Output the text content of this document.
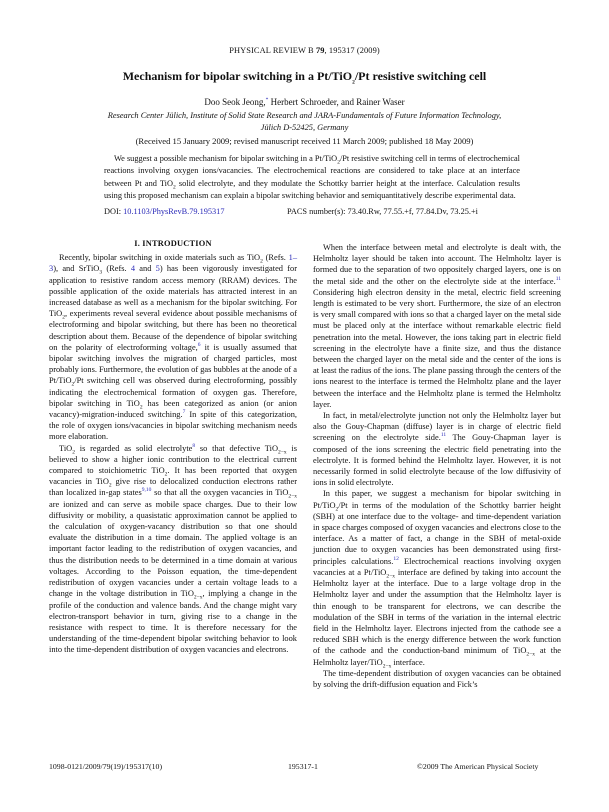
PHYSICAL REVIEW B 79, 195317 (2009)
Mechanism for bipolar switching in a Pt/TiO$_2$/Pt resistive switching cell
Doo Seok Jeong,* Herbert Schroeder, and Rainer Waser
Research Center Jülich, Institute of Solid State Research and JARA-Fundamentals of Future Information Technology,
Jülich D-52425, Germany
(Received 15 January 2009; revised manuscript received 11 March 2009; published 18 May 2009)
We suggest a possible mechanism for bipolar switching in a Pt/TiO$_2$/Pt resistive switching cell in terms of electrochemical reactions involving oxygen ions/vacancies. The electrochemical reactions are considered to take place at an interface between Pt and TiO$_2$ solid electrolyte, and they modulate the Schottky barrier height at the interface. Calculation results using this proposed mechanism can explain a bipolar switching behavior and semiquantitatively describe experimental data.
DOI: 10.1103/PhysRevB.79.195317	PACS number(s): 73.40.Rw, 77.55.+f, 77.84.Dv, 73.25.+i
I. INTRODUCTION

Recently, bipolar switching in oxide materials such as TiO$_2$ (Refs. 1–3), and SrTiO$_3$ (Refs. 4 and 5) has been vigorously investigated for application to resistive random access memory (RRAM) devices. The possible application of the oxide materials has attracted interest in an increased database as well as a mechanism for the bipolar switching. For TiO$_2$, experiments reveal several evidence about possible mechanisms of electroforming and bipolar switching, but there has been no theoretical description about them. Because of the dependence of bipolar switching on the polarity of electroforming voltage,$^6$ it is usually assumed that bipolar switching involves the migration of charged particles, most probably ions. Furthermore, the evolution of gas bubbles at the anode of a Pt/TiO$_2$/Pt switching cell was observed during electroforming, possibly indicating the electrochemical formation of oxygen gas. Therefore, bipolar switching in TiO$_2$ has been categorized as anion (or anion vacancy)-migration-induced switching.$^7$ In spite of this categorization, the role of oxygen ions/vacancies in bipolar switching mechanism needs more elaboration.

TiO$_2$ is regarded as solid electrolyte$^8$ so that defective TiO$_{2-x}$ is believed to show a higher ionic contribution to the electrical current compared to stoichiometric TiO$_2$. It has been reported that oxygen vacancies in TiO$_2$ give rise to delocalized conduction electrons rather than localized in-gap states$^{9,10}$ so that all the oxygen vacancies in TiO$_{2-x}$ are ionized and can serve as mobile space charges. Due to their low diffusivity or mobility, a quasistatic approximation cannot be applied to the calculation of oxygen-vacancy distribution so that one should evaluate the distribution in a time domain. The applied voltage is an important factor leading to the redistribution of oxygen vacancies, and thus the distribution needs to be determined in a time domain at various voltages. According to the Poisson equation, the time-dependent redistribution of oxygen vacancies under a certain voltage leads to a change in the voltage distribution in TiO$_{2-x}$, implying a change in the profile of the conduction and valence bands. And the change might vary electron-transport behavior in turn, giving rise to a change in the resistance with respect to time. It is therefore necessary for the understanding of the time-dependent bipolar switching behavior to look into the time-dependent distribution of oxygen vacancies and electrons.

When the interface between metal and electrolyte is dealt with, the Helmholtz layer should be taken into account. The Helmholtz layer is formed due to the separation of two oppositely charged layers, one is on the metal side and the other on the electrolyte side at the interface.$^{11}$ Considering high electron density in the metal, electric field screening length is estimated to be very short. Furthermore, the size of an electron is very small compared with ions so that a charged layer on the metal side must be placed only at the interface without remarkable electric field penetration into the metal. However, the ions taking part in electric field screening in the electrolyte have a finite size, and thus the distance between the charged layer on the metal side and the center of the ions is at least the radius of the ions. The plane passing through the centers of the ions nearest to the interface is termed the Helmholtz plane and the layer between the interface and the Helmholtz plane is termed the Helmholtz layer.

In fact, in metal/electrolyte junction not only the Helmholtz layer but also the Gouy-Chapman (diffuse) layer is in charge of electric field screening on the electrolyte side.$^{11}$ The Gouy-Chapman layer is composed of the ions screening the electric field penetrating into the electrolyte. It is formed behind the Helmholtz layer. However, it is not necessarily formed in solid electrolyte because of the low diffusivity of ions in solid electrolyte.

In this paper, we suggest a mechanism for bipolar switching in Pt/TiO$_2$/Pt in terms of the modulation of the Schottky barrier height (SBH) at one interface due to the voltage- and time-dependent variation in space charges composed of oxygen vacancies and electrons close to the interface. As a matter of fact, a change in the SBH of metal-oxide junction due to oxygen vacancies has been demonstrated using first-principles calculations.$^{12}$ Electrochemical reactions involving oxygen vacancies at a Pt/TiO$_{2-x}$ interface are defined by taking into account the Helmholtz layer at the interface. Due to a large voltage drop in the Helmholtz layer and under the assumption that the Helmholtz layer is thin enough to be transparent for electrons, we can describe the modulation of the SBH in terms of the variation in the internal electric field in the Helmholtz layer. Electrons injected from the cathode see a reduced SBH which is the energy difference between the work function of the cathode and the conduction-band minimum of TiO$_{2-x}$ at the Helmholtz layer/TiO$_{2-x}$ interface.

The time-dependent distribution of oxygen vacancies can be obtained by solving the drift-diffusion equation and Fick’s

1098-0121/2009/79(19)/195317(10)	195317-1	©2009 The American Physical Society
